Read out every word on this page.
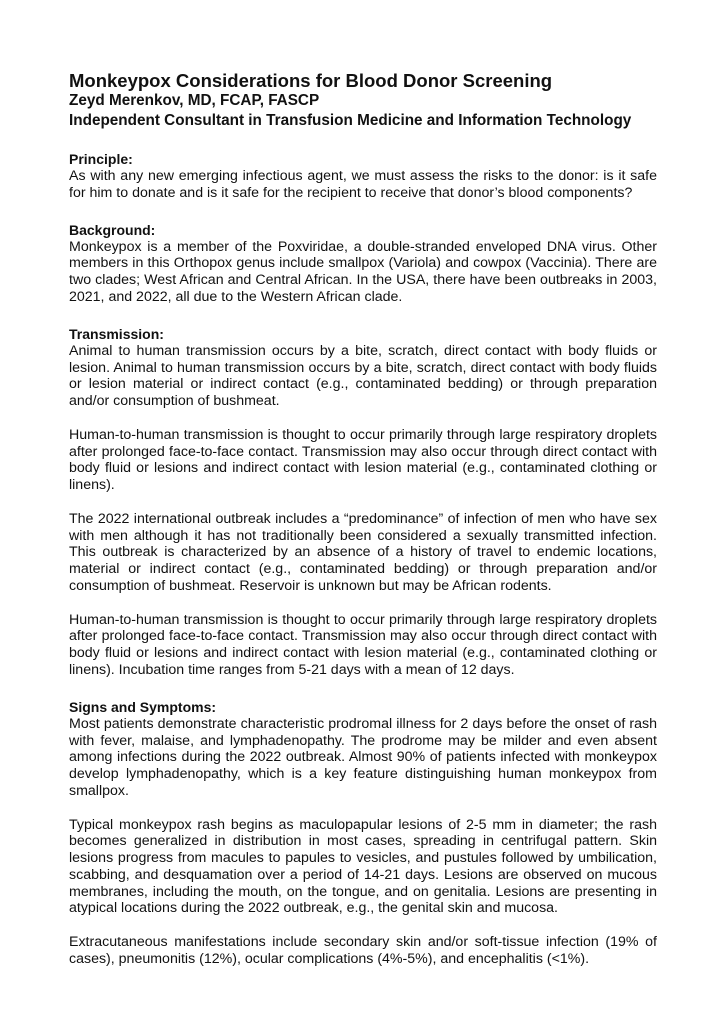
Monkeypox Considerations for Blood Donor Screening
Zeyd Merenkov, MD, FCAP, FASCP
Independent Consultant in Transfusion Medicine and Information Technology
Principle:

As with any new emerging infectious agent, we must assess the risks to the donor: is it safe for him to donate and is it safe for the recipient to receive that donor’s blood components?

Background:

Monkeypox is a member of the Poxviridae, a double-stranded enveloped DNA virus. Other members in this Orthopox genus include smallpox (Variola) and cowpox (Vaccinia). There are two clades; West African and Central African. In the USA, there have been outbreaks in 2003, 2021, and 2022, all due to the Western African clade.

Transmission:

Animal to human transmission occurs by a bite, scratch, direct contact with body fluids or lesion. Animal to human transmission occurs by a bite, scratch, direct contact with body fluids or lesion material or indirect contact (e.g., contaminated bedding) or through preparation and/or consumption of bushmeat.

Human-to-human transmission is thought to occur primarily through large respiratory droplets after prolonged face-to-face contact. Transmission may also occur through direct contact with body fluid or lesions and indirect contact with lesion material (e.g., contaminated clothing or linens).

The 2022 international outbreak includes a “predominance” of infection of men who have sex with men although it has not traditionally been considered a sexually transmitted infection. This outbreak is characterized by an absence of a history of travel to endemic locations, material or indirect contact (e.g., contaminated bedding) or through preparation and/or consumption of bushmeat. Reservoir is unknown but may be African rodents.

Human-to-human transmission is thought to occur primarily through large respiratory droplets after prolonged face-to-face contact. Transmission may also occur through direct contact with body fluid or lesions and indirect contact with lesion material (e.g., contaminated clothing or linens). Incubation time ranges from 5-21 days with a mean of 12 days.

Signs and Symptoms:

Most patients demonstrate characteristic prodromal illness for 2 days before the onset of rash with fever, malaise, and lymphadenopathy. The prodrome may be milder and even absent among infections during the 2022 outbreak. Almost 90% of patients infected with monkeypox develop lymphadenopathy, which is a key feature distinguishing human monkeypox from smallpox.

Typical monkeypox rash begins as maculopapular lesions of 2-5 mm in diameter; the rash becomes generalized in distribution in most cases, spreading in centrifugal pattern. Skin lesions progress from macules to papules to vesicles, and pustules followed by umbilication, scabbing, and desquamation over a period of 14-21 days. Lesions are observed on mucous membranes, including the mouth, on the tongue, and on genitalia. Lesions are presenting in atypical locations during the 2022 outbreak, e.g., the genital skin and mucosa.

Extracutaneous manifestations include secondary skin and/or soft-tissue infection (19% of cases), pneumonitis (12%), ocular complications (4%-5%), and encephalitis (<1%).
